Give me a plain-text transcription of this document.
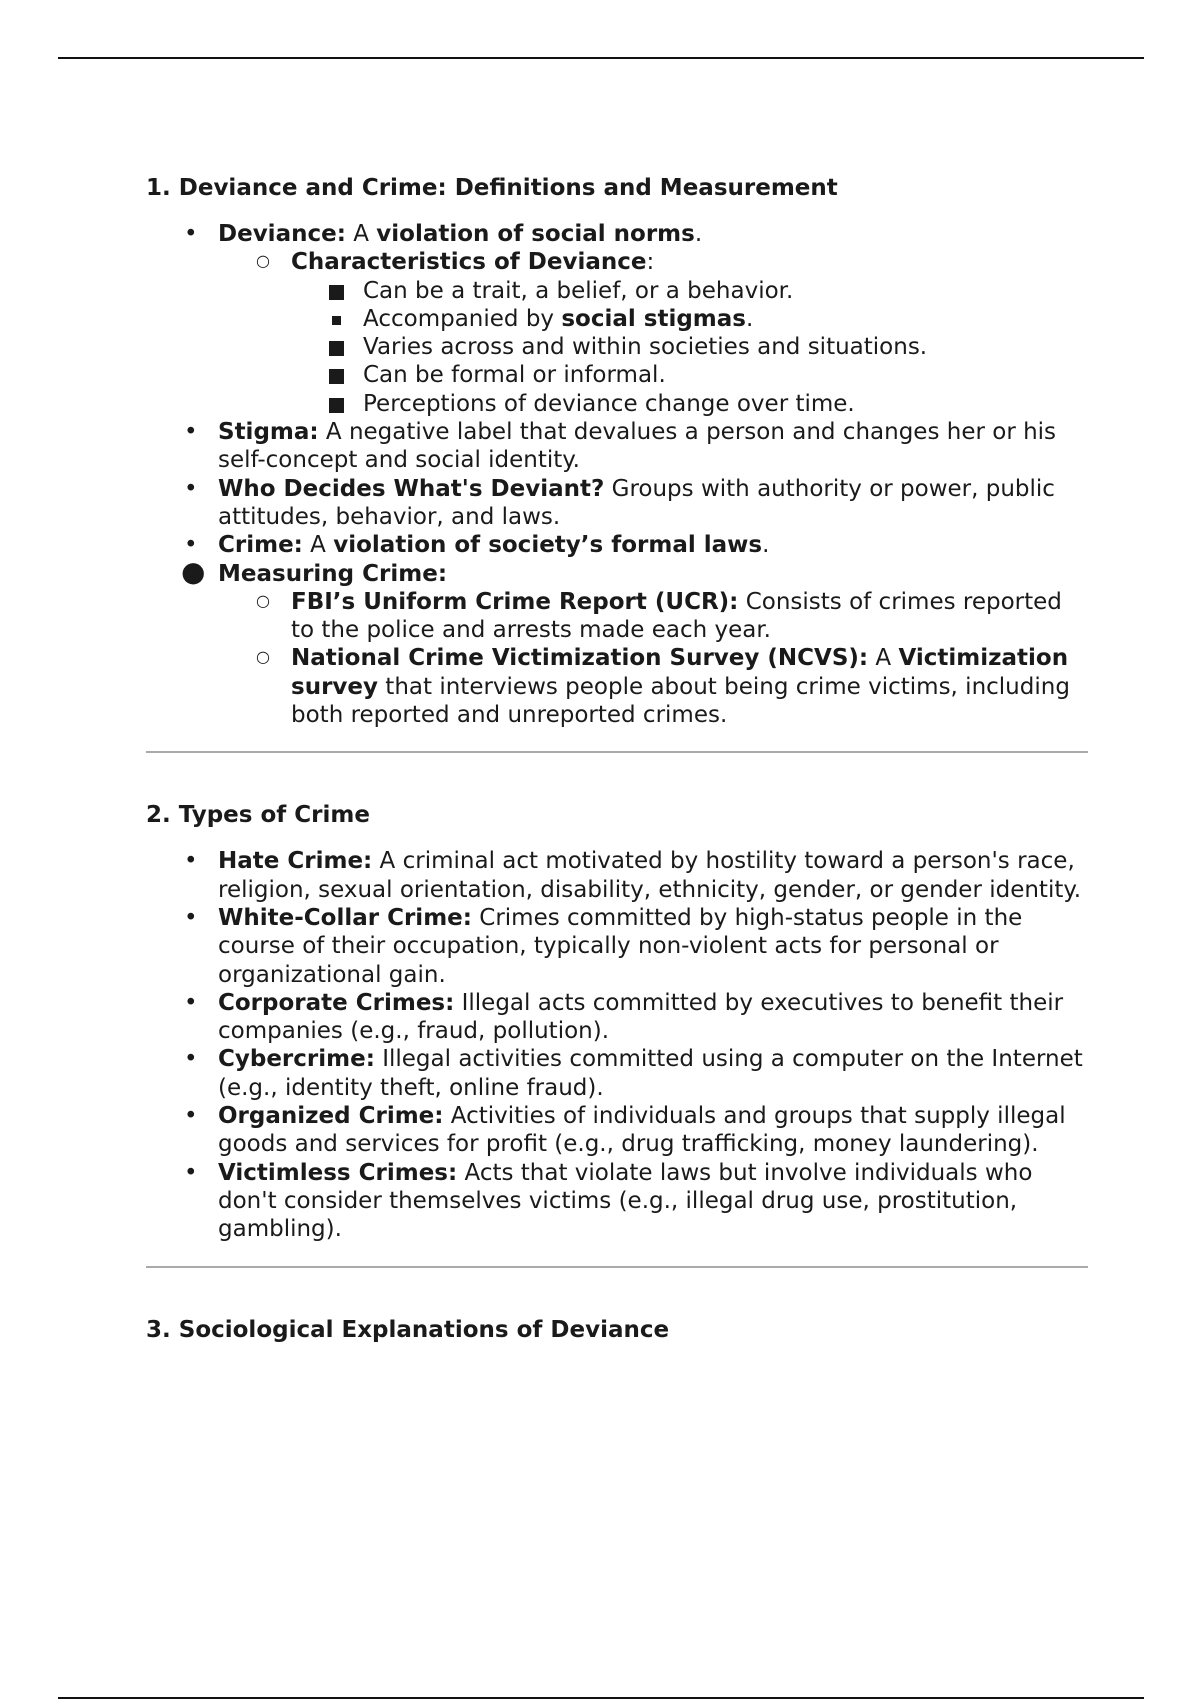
1. Deviance and Crime: Definitions and Measurement
• Deviance: A violation of social norms.
○ Characteristics of Deviance:
Can be a trait, a belief, or a behavior.
Accompanied by social stigmas.
Varies across and within societies and situations.
Can be formal or informal.
Perceptions of deviance change over time.
• Stigma: A negative label that devalues a person and changes her or his self-concept and social identity.
• Who Decides What's Deviant? Groups with authority or power, public attitudes, behavior, and laws.
• Crime: A violation of society’s formal laws.
● Measuring Crime:
○ FBI’s Uniform Crime Report (UCR): Consists of crimes reported to the police and arrests made each year.
○ National Crime Victimization Survey (NCVS): A Victimization survey that interviews people about being crime victims, including both reported and unreported crimes.
2. Types of Crime
• Hate Crime: A criminal act motivated by hostility toward a person's race, religion, sexual orientation, disability, ethnicity, gender, or gender identity.
• White-Collar Crime: Crimes committed by high-status people in the course of their occupation, typically non-violent acts for personal or organizational gain.
• Corporate Crimes: Illegal acts committed by executives to benefit their companies (e.g., fraud, pollution).
• Cybercrime: Illegal activities committed using a computer on the Internet (e.g., identity theft, online fraud).
• Organized Crime: Activities of individuals and groups that supply illegal goods and services for profit (e.g., drug trafficking, money laundering).
• Victimless Crimes: Acts that violate laws but involve individuals who don't consider themselves victims (e.g., illegal drug use, prostitution, gambling).
3. Sociological Explanations of Deviance
